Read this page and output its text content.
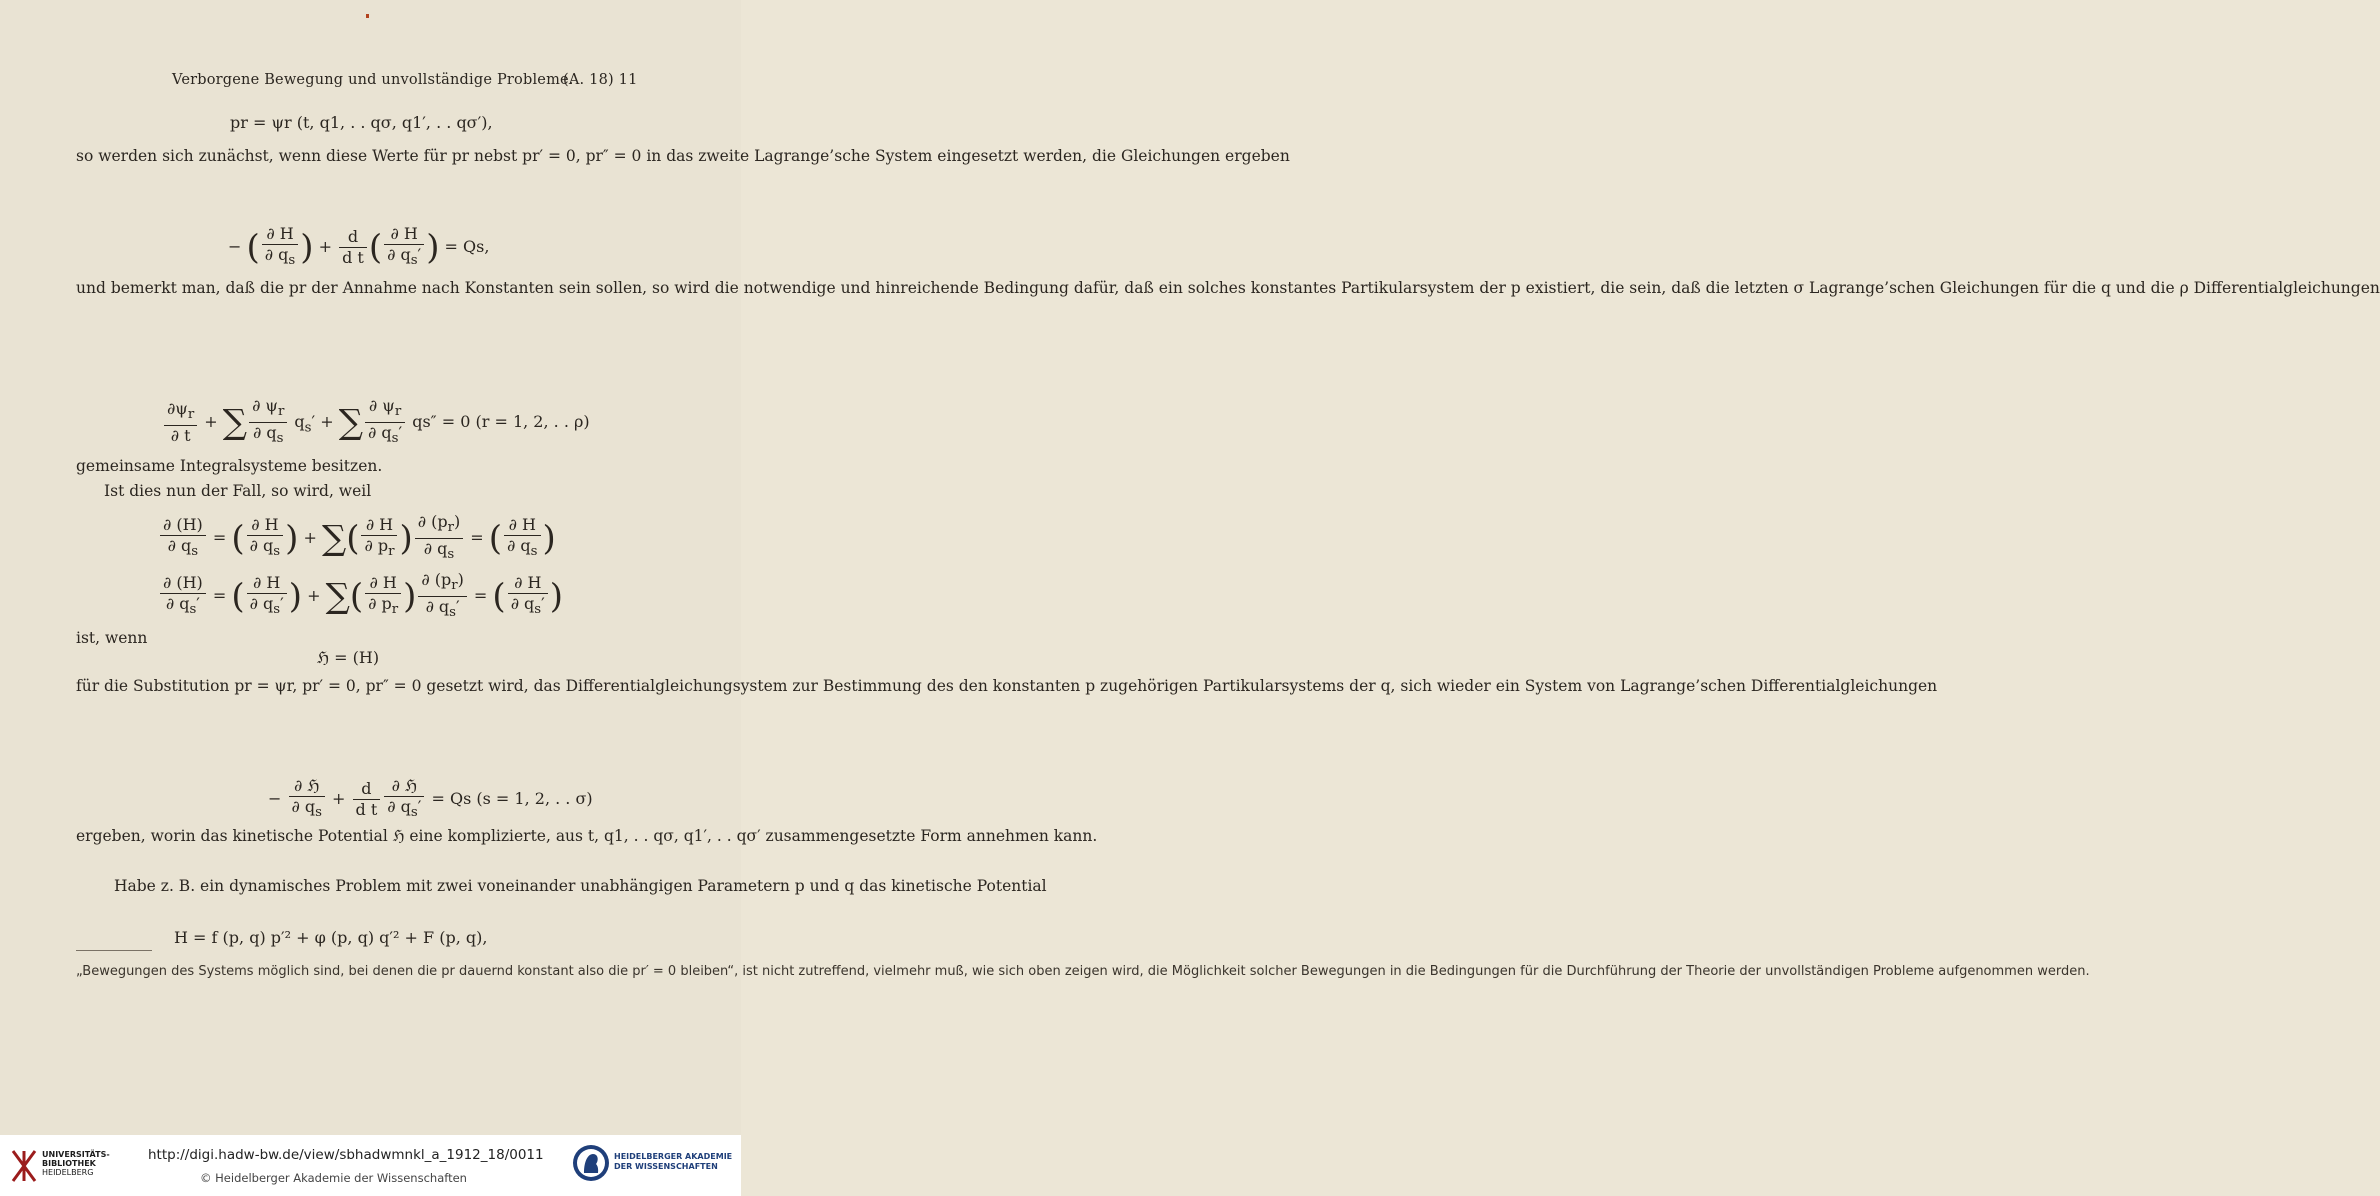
Verborgene Bewegung und unvollständige Probleme.
(A. 18) 11
pr = ψr (t, q1, . . qσ, q1′, . . qσ′),

so werden sich zunächst, wenn diese Werte für pr nebst pr′ = 0, pr″ = 0 in das zweite Lagrange’sche System eingesetzt werden, die Gleichungen ergeben

− ( $\frac{\partial H}{\partial q_s}$ ) + $\frac{d}{\text{d t}}$ ( $\frac{\partial H}{\partial q_s'}$ ) = Qs,

und bemerkt man, daß die pr der Annahme nach Konstanten sein sollen, so wird die notwendige und hinreichende Bedingung dafür, daß ein solches konstantes Partikularsystem der p existiert, die sein, daß die letzten σ Lagrange’schen Gleichungen für die q und die ρ Differentialgleichungen

$\frac{\partial\psi_r}{\partial t}$ + ∑ $\frac{\partial \psi_r}{\partial q_s} q_s'$ + ∑ $\frac{\partial \psi_r}{\partial q_s'} qs'' = 0$ (r = 1, 2, . . ρ)

gemeinsame Integralsysteme besitzen.

Ist dies nun der Fall, so wird, weil

$\frac{\partial (H)}{\partial q_s}$ = ( $\frac{\partial H}{\partial q_s}$ ) + ∑( $\frac{\partial H}{\partial p_r}$ ) $\frac{\partial (p_r)}{\partial q_s}$ = ( $\frac{\partial H}{\partial q_s}$ )
$\frac{\partial (H)}{\partial q_s'}$ = ( $\frac{\partial H}{\partial q_s'}$ ) + ∑( $\frac{\partial H}{\partial p_r}$ ) $\frac{\partial (p_r)}{\partial q_s'}$ = ( $\frac{\partial H}{\partial q_s'}$ )

ist, wenn

ℌ = (H)

für die Substitution pr = ψr, pr′ = 0, pr″ = 0 gesetzt wird, das Differentialgleichungsystem zur Bestimmung des den konstanten p zugehörigen Partikularsystems der q, sich wieder ein System von Lagrange’schen Differentialgleichungen

− $\frac{\text{∂ ℌ}}{\partial q_s} + \frac{d}{\text{d t}} \frac{\text{∂ ℌ}}{\partial q_s'} = Qs$ (s = 1, 2, . . σ)

ergeben, worin das kinetische Potential ℌ eine komplizierte, aus t, q1, . . qσ, q1′, . . qσ′ zusammengesetzte Form annehmen kann.

Habe z. B. ein dynamisches Problem mit zwei voneinander unabhängigen Parametern p und q das kinetische Potential

H = f (p, q) p′² + φ (p, q) q′² + F (p, q),

„Bewegungen des Systems möglich sind, bei denen die pr dauernd konstant also die pr′ = 0 bleiben“, ist nicht zutreffend, vielmehr muß, wie sich oben zeigen wird, die Möglichkeit solcher Bewegungen in die Bedingungen für die Durchführung der Theorie der unvollständigen Probleme aufgenommen werden.

UNIVERSITÄTS-
BIBLIOTHEK
HEIDELBERG
http://digi.hadw-bw.de/view/sbhadwmnkl_a_1912_18/0011
© Heidelberger Akademie der Wissenschaften
HEIDELBERGER AKADEMIE
DER WISSENSCHAFTEN
